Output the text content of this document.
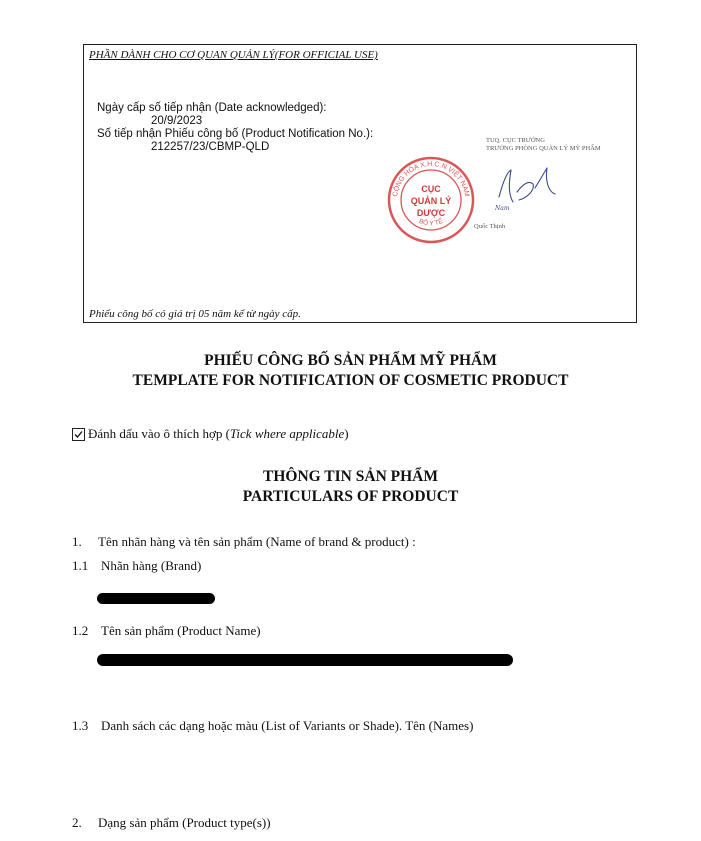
PHẦN DÀNH CHO CƠ QUAN QUẢN LÝ(FOR OFFICIAL USE)
Ngày cấp số tiếp nhận (Date acknowledged):
20/9/2023
Số tiếp nhận Phiếu công bố (Product Notification No.):
212257/23/CBMP-QLD
CỘNG HÒA X.H.C.N VIỆT NAM
BỘ Y TẾ
CỤC
QUẢN LÝ
DƯỢC
TUQ. CỤC TRƯỞNG
TRƯỞNG PHÒNG QUẢN LÝ MỸ PHẨM
Nam
Quốc Thịnh
Phiếu công bố có giá trị 05 năm kể từ ngày cấp.
PHIẾU CÔNG BỐ SẢN PHẨM MỸ PHẨM
TEMPLATE FOR NOTIFICATION OF COSMETIC PRODUCT
Đánh dấu vào ô thích hợp ( Tick where applicable )
THÔNG TIN SẢN PHẨM
PARTICULARS OF PRODUCT
1. Tên nhãn hàng và tên sản phẩm (Name of brand & product) :
1.1 Nhãn hàng (Brand)
1.2 Tên sản phẩm (Product Name)
1.3 Danh sách các dạng hoặc màu (List of Variants or Shade). Tên (Names)
2. Dạng sản phẩm (Product type(s))
